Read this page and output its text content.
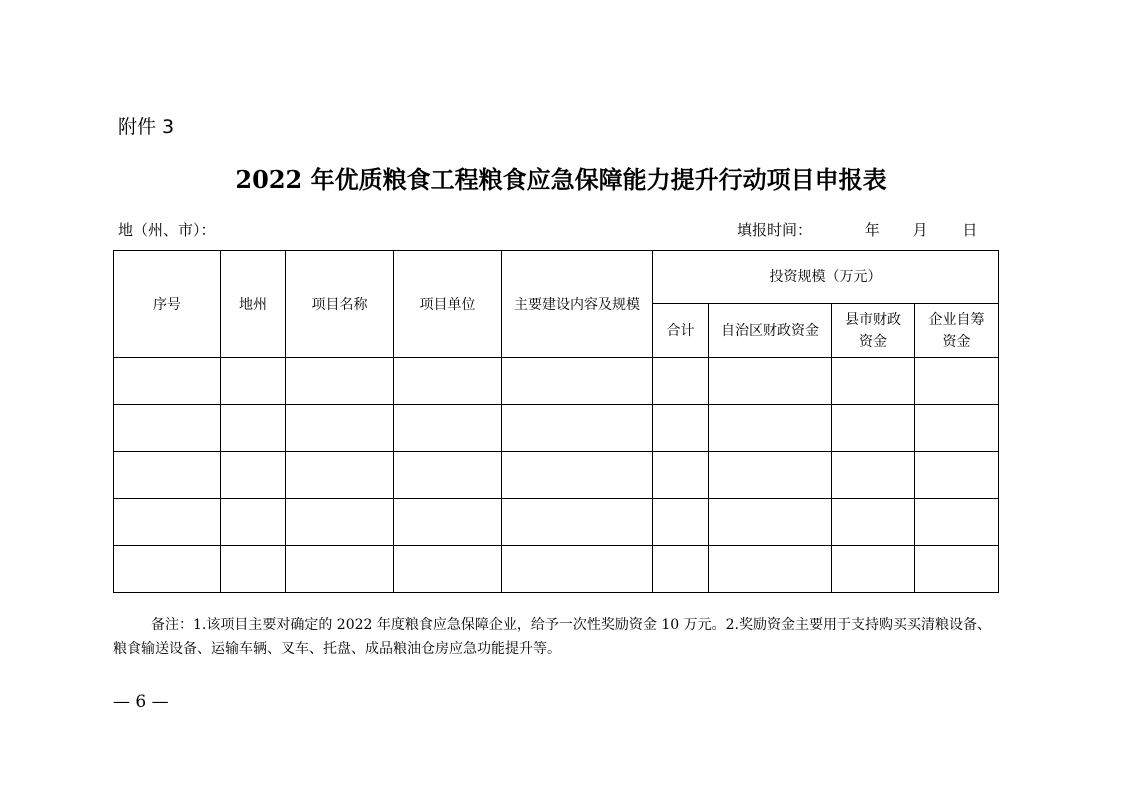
附件 3
2022 年优质粮食工程粮食应急保障能力提升行动项目申报表
地（州、市）：	填报时间：	年 月 日
序号	地州	项目名称	项目单位	主要建设内容及规模	投资规模（万元）			
					合计	自治区财政资金	县市财政资金	企业自筹资金

备注：1.该项目主要对确定的 2022 年度粮食应急保障企业，给予一次性奖励资金 10 万元。2.奖励资金主要用于支持购买买清粮设备、粮食输送设备、运输车辆、叉车、托盘、成品粮油仓房应急功能提升等。
— 6 —
